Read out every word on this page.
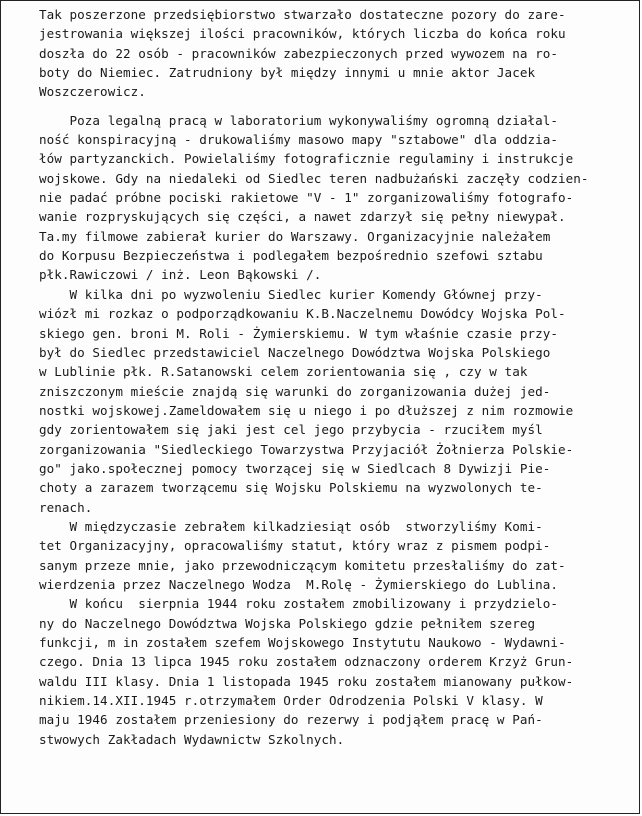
Tak poszerzone przedsiębiorstwo stwarzało dostateczne pozory do zare-
jestrowania większej ilości pracowników, których liczba do końca roku
doszła do 22 osób - pracowników zabezpieczonych przed wywozem na ro-
boty do Niemiec. Zatrudniony był między innymi u mnie aktor Jacek
Woszczerowicz.
Poza legalną pracą w laboratorium wykonywaliśmy ogromną działal-
ność konspiracyjną - drukowaliśmy masowo mapy "sztabowe" dla oddzia-
łów partyzanckich. Powielaliśmy fotograficznie regulaminy i instrukcje
wojskowe. Gdy na niedaleki od Siedlec teren nadbużański zaczęły codzien-
nie padać próbne pociski rakietowe "V - 1" zorganizowaliśmy fotografo-
wanie rozpryskujących się części, a nawet zdarzył się pełny niewypał.
Ta.my filmowe zabierał kurier do Warszawy. Organizacyjnie należałem
do Korpusu Bezpieczeństwa i podlegałem bezpośrednio szefowi sztabu
płk.Rawiczowi / inż. Leon Bąkowski /.
W kilka dni po wyzwoleniu Siedlec kurier Komendy Głównej przy-
wiózł mi rozkaz o podporządkowaniu K.B.Naczelnemu Dowódcy Wojska Pol-
skiego gen. broni M. Roli - Żymierskiemu. W tym właśnie czasie przy-
był do Siedlec przedstawiciel Naczelnego Dowództwa Wojska Polskiego
w Lublinie płk. R.Satanowski celem zorientowania się , czy w tak
zniszczonym mieście znajdą się warunki do zorganizowania dużej jed-
nostki wojskowej.Zameldowałem się u niego i po dłuższej z nim rozmowie
gdy zorientowałem się jaki jest cel jego przybycia - rzuciłem myśl
zorganizowania "Siedleckiego Towarzystwa Przyjaciół Żołnierza Polskie-
go" jako.społecznej pomocy tworzącej się w Siedlcach 8 Dywizji Pie-
choty a zarazem tworzącemu się Wojsku Polskiemu na wyzwolonych te-
renach.
W międzyczasie zebrałem kilkadziesiąt osób  stworzyliśmy Komi-
tet Organizacyjny, opracowaliśmy statut, który wraz z pismem podpi-
sanym przeze mnie, jako przewodniczącym komitetu przesłaliśmy do zat-
wierdzenia przez Naczelnego Wodza  M.Rolę - Żymierskiego do Lublina.
W końcu  sierpnia 1944 roku zostałem zmobilizowany i przydzielo-
ny do Naczelnego Dowództwa Wojska Polskiego gdzie pełniłem szereg
funkcji, m in zostałem szefem Wojskowego Instytutu Naukowo - Wydawni-
czego. Dnia 13 lipca 1945 roku zostałem odznaczony orderem Krzyż Grun-
waldu III klasy. Dnia 1 listopada 1945 roku zostałem mianowany pułkow-
nikiem.14.XII.1945 r.otrzymałem Order Odrodzenia Polski V klasy. W
maju 1946 zostałem przeniesiony do rezerwy i podjąłem pracę w Pań-
stwowych Zakładach Wydawnictw Szkolnych.
